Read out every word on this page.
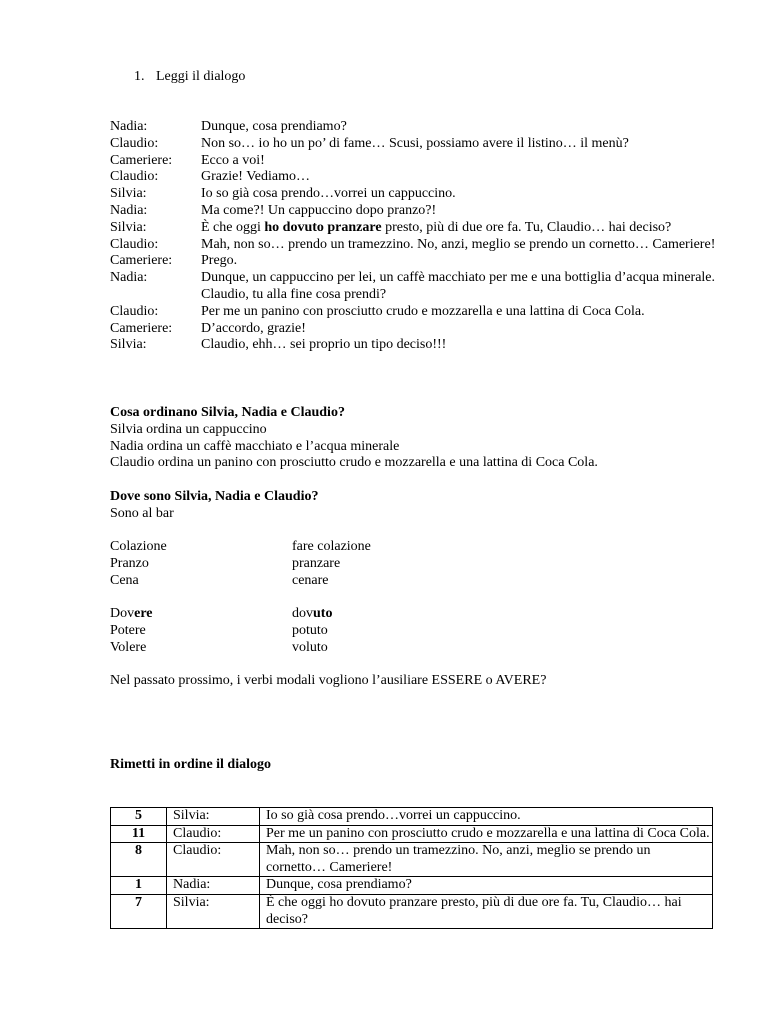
1. Leggi il dialogo
Nadia:	Dunque, cosa prendiamo?
Claudio:	Non so… io ho un po’ di fame… Scusi, possiamo avere il listino… il menù?
Cameriere:	Ecco a voi!
Claudio:	Grazie! Vediamo…
Silvia:	Io so già cosa prendo…vorrei un cappuccino.
Nadia:	Ma come?! Un cappuccino dopo pranzo?!
Silvia:	È che oggi ho dovuto pranzare presto, più di due ore fa. Tu, Claudio… hai deciso?
Claudio:	Mah, non so… prendo un tramezzino. No, anzi, meglio se prendo un cornetto… Cameriere!
Cameriere:	Prego.
Nadia:	Dunque, un cappuccino per lei, un caffè macchiato per me e una bottiglia d’acqua minerale. Claudio, tu alla fine cosa prendi?
Claudio:	Per me un panino con prosciutto crudo e mozzarella e una lattina di Coca Cola.
Cameriere:	D’accordo, grazie!
Silvia:	Claudio, ehh… sei proprio un tipo deciso!!!
Cosa ordinano Silvia, Nadia e Claudio?
Silvia ordina un cappuccino
Nadia ordina un caffè macchiato e l’acqua minerale
Claudio ordina un panino con prosciutto crudo e mozzarella e una lattina di Coca Cola.
Dove sono Silvia, Nadia e Claudio?
Sono al bar
Colazione	fare colazione
Pranzo	pranzare
Cena	cenare
Dovere	dovuto
Potere	potuto
Volere	voluto
Nel passato prossimo, i verbi modali vogliono l’ausiliare ESSERE o AVERE?
Rimetti in ordine il dialogo
5	Silvia:	Io so già cosa prendo…vorrei un cappuccino.
11	Claudio:	Per me un panino con prosciutto crudo e mozzarella e una lattina di Coca Cola.
8	Claudio:	Mah, non so… prendo un tramezzino. No, anzi, meglio se prendo un cornetto… Cameriere!
1	Nadia:	Dunque, cosa prendiamo?
7	Silvia:	È che oggi ho dovuto pranzare presto, più di due ore fa. Tu, Claudio… hai deciso?
